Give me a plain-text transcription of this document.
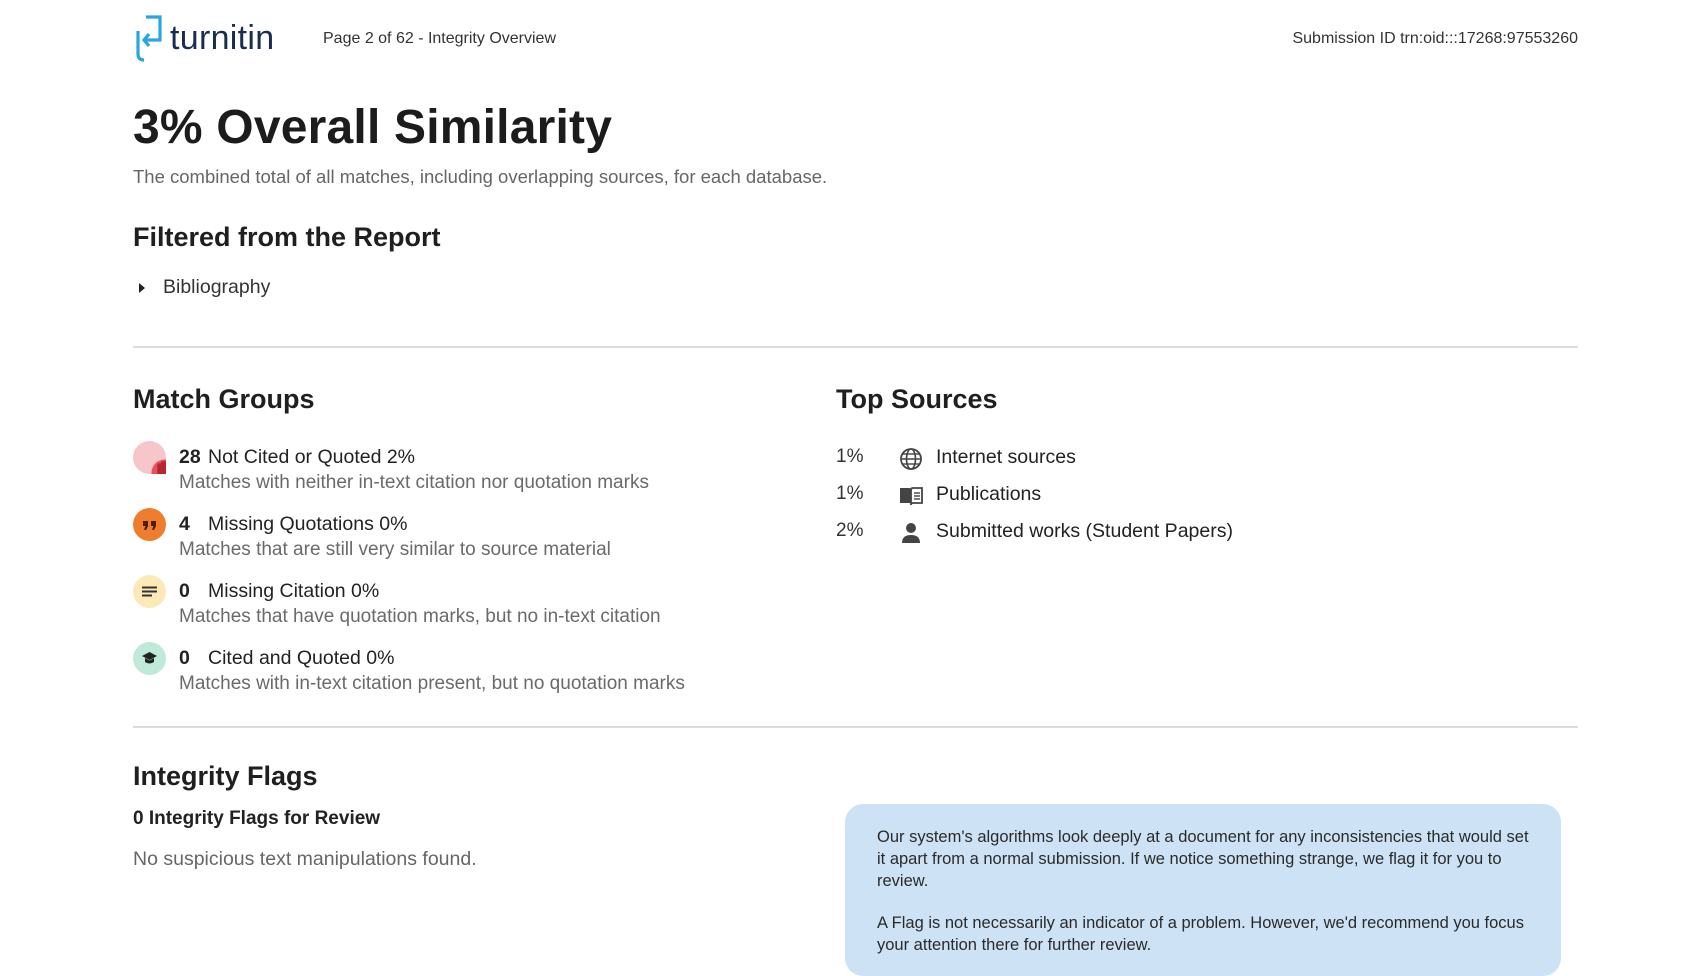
turnitin	Page 2 of 62 - Integrity Overview	Submission ID trn:oid:::17268:97553260
3% Overall Similarity
The combined total of all matches, including overlapping sources, for each database.
Filtered from the Report
Bibliography
Match Groups
28 Not Cited or Quoted 2%
Matches with neither in-text citation nor quotation marks
4 Missing Quotations 0%
Matches that are still very similar to source material
0 Missing Citation 0%
Matches that have quotation marks, but no in-text citation
0 Cited and Quoted 0%
Matches with in-text citation present, but no quotation marks
Top Sources
1%	Internet sources
1%	Publications
2%	Submitted works (Student Papers)
Integrity Flags
0 Integrity Flags for Review
No suspicious text manipulations found.

Our system's algorithms look deeply at a document for any inconsistencies that would set it apart from a normal submission. If we notice something strange, we flag it for you to review.

A Flag is not necessarily an indicator of a problem. However, we'd recommend you focus your attention there for further review.
